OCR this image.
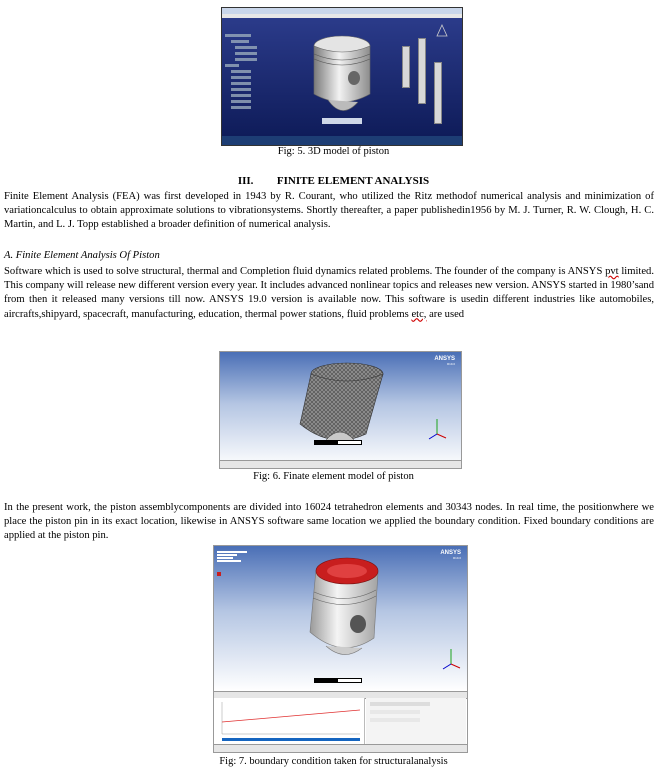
Fig: 5. 3D model of piston
III. FINITE ELEMENT ANALYSIS
Finite Element Analysis (FEA) was first developed in 1943 by R. Courant, who utilized the Ritz methodof numerical analysis and minimization of variationcalculus to obtain approximate solutions to vibrationsystems. Shortly thereafter, a paper publishedin1956 by M. J. Turner, R. W. Clough, H. C. Martin, and L. J. Topp established a broader definition of numerical analysis.
A. Finite Element Analysis Of Piston
Software which is used to solve structural, thermal and Completion fluid dynamics related problems. The founder of the company is ANSYS pvt limited. This company will release new different version every year. It includes advanced nonlinear topics and releases new version. ANSYS started in 1980’sand from then it released many versions till now. ANSYS 19.0 version is available now. This software is usedin different industries like automobiles, aircrafts,shipyard, spacecraft, manufacturing, education, thermal power stations, fluid problems etc, are used
ANSYS
R19.0
Fig: 6. Finate element model of piston
In the present work, the piston assemblycomponents are divided into 16024 tetrahedron elements and 30343 nodes. In real time, the positionwhere we place the piston pin in its exact location, likewise in ANSYS software same location we applied the boundary condition. Fixed boundary conditions are applied at the piston pin.
ANSYS
R19.0
Fig: 7. boundary condition taken for structuralanalysis
